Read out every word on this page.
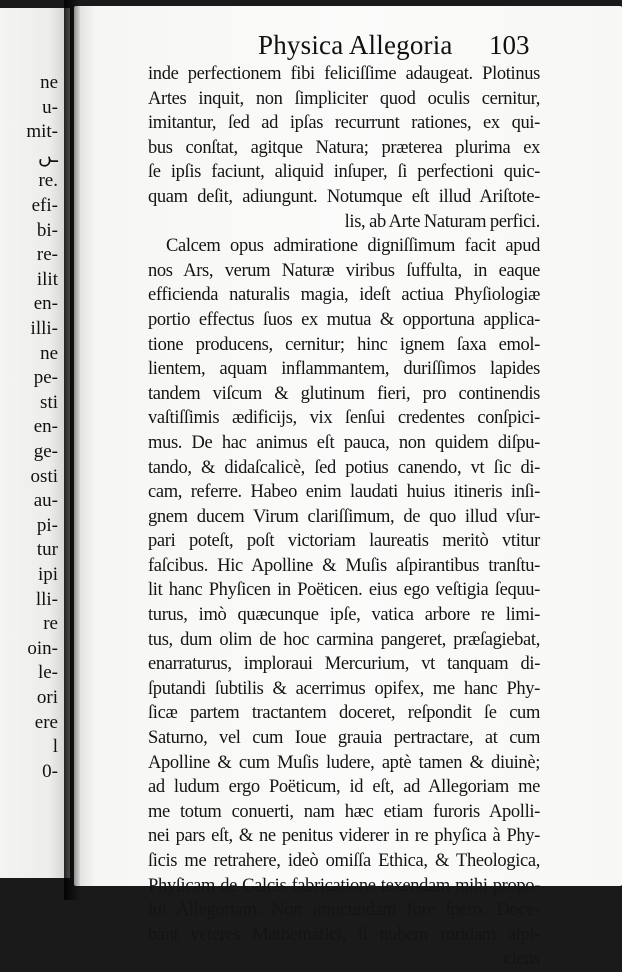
ne
u-
mit-
ـں
re.
efi-
bi-
re-
ilit
en-
illi-
ne
pe-
sti
en-
ge-
osti
au-
pi-
tur
ipi
lli-
re
oin-
le-
ori
ere
l
0-
Physica Allegoria 103
inde perfectionem fibi feliciſſime adaugeat. Plotinus
Artes inquit, non ſimpliciter quod oculis cernitur,
imitantur, ſed ad ipſas recurrunt rationes, ex qui-
bus conſtat, agitque Natura; præterea plurima ex
ſe ipſis faciunt, aliquid inſuper, ſi perfectioni quic-
quam deſit, adiungunt. Notumque eſt illud Ariſtote-
lis, ab Arte Naturam perfici.
Calcem opus admiratione digniſſimum facit apud
nos Ars, verum Naturæ viribus ſuffulta, in eaque
efficienda naturalis magia, ideſt actiua Phyſiologiæ
portio effectus ſuos ex mutua & opportuna applica-
tione producens, cernitur; hinc ignem ſaxa emol-
lientem, aquam inflammantem, duriſſimos lapides
tandem viſcum & glutinum fieri, pro continendis
vaſtiſſimis ædificijs, vix ſenſui credentes conſpici-
mus. De hac animus eſt pauca, non quidem diſpu-
tando, & didaſcalicè, ſed potius canendo, vt ſic di-
cam, referre. Habeo enim laudati huius itineris inſi-
gnem ducem Virum clariſſimum, de quo illud vſur-
pari poteſt, poſt victoriam laureatis meritò vtitur
faſcibus. Hic Apolline & Muſis aſpirantibus tranſtu-
lit hanc Phyſicen in Poëticen. eius ego veſtigia ſequu-
turus, imò quæcunque ipſe, vatica arbore re limi-
tus, dum olim de hoc carmina pangeret, præſagiebat,
enarraturus, imploraui Mercurium, vt tanquam di-
ſputandi ſubtilis & acerrimus opifex, me hanc Phy-
ſicæ partem tractantem doceret, reſpondit ſe cum
Saturno, vel cum Ioue grauia pertractare, at cum
Apolline & cum Muſis ludere, aptè tamen & diuinè;
ad ludum ergo Poëticum, id eſt, ad Allegoriam me
me totum conuerti, nam hæc etiam furoris Apolli-
nei pars eſt, & ne penitus viderer in re phyſica à Phy-
ſicis me retrahere, ideò omiſſa Ethica, & Theologica,
Phyſicam de Calcis fabricatione texendam mihi propo-
ſui Allegoriam. Non iniucundam fore ſpero. Doce-
bant veteres Mathematici, ſi nubem roridam aſpi-
ciens
